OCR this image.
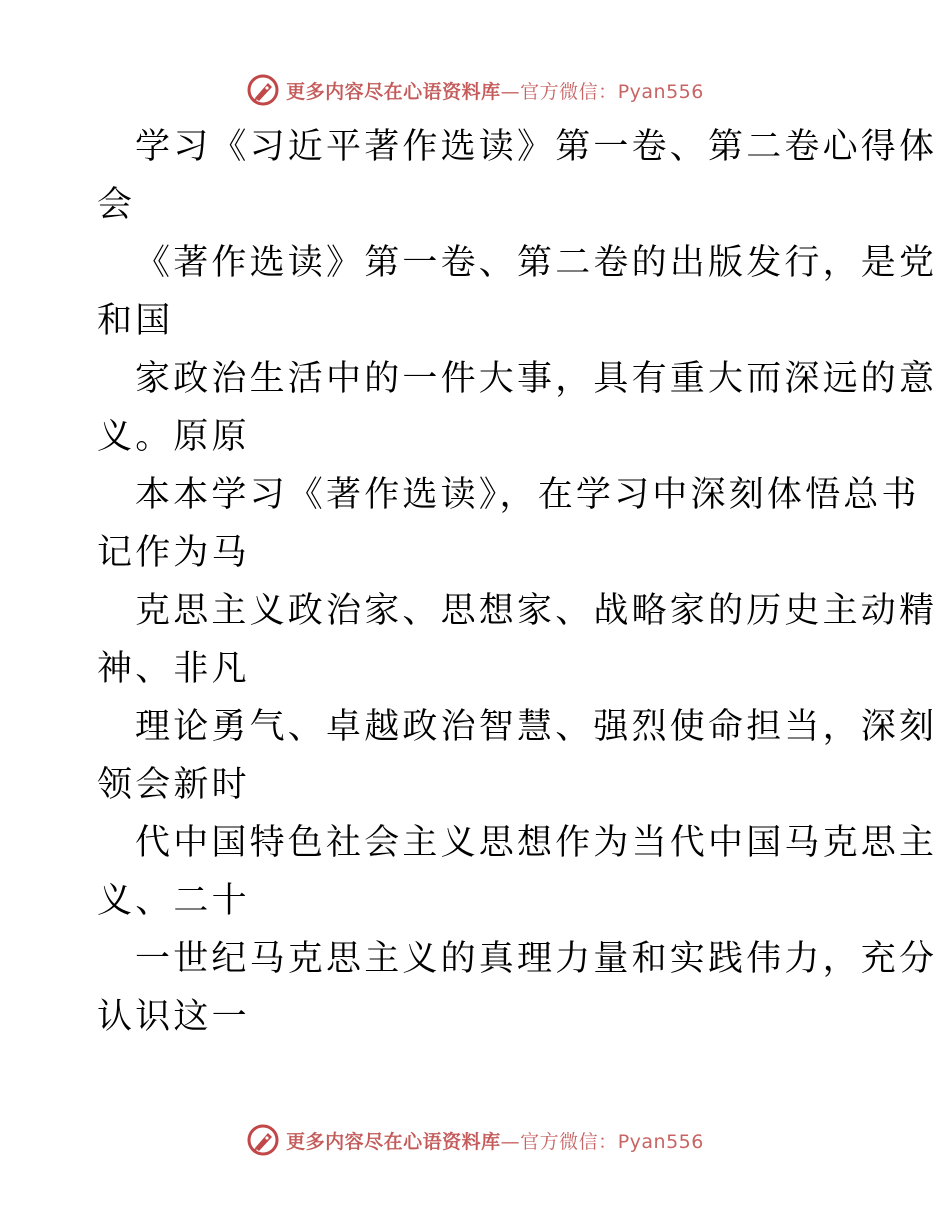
更多内容尽在心语资料库—官方微信：Pyan556
学习《习近平著作选读》第一卷、第二卷心得体
会
《著作选读》第一卷、第二卷的出版发行，是党
和国
家政治生活中的一件大事，具有重大而深远的意
义。原原
本本学习《著作选读》，在学习中深刻体悟总书
记作为马
克思主义政治家、思想家、战略家的历史主动精
神、非凡
理论勇气、卓越政治智慧、强烈使命担当，深刻
领会新时
代中国特色社会主义思想作为当代中国马克思主
义、二十
一世纪马克思主义的真理力量和实践伟力，充分
认识这一
更多内容尽在心语资料库—官方微信：Pyan556
